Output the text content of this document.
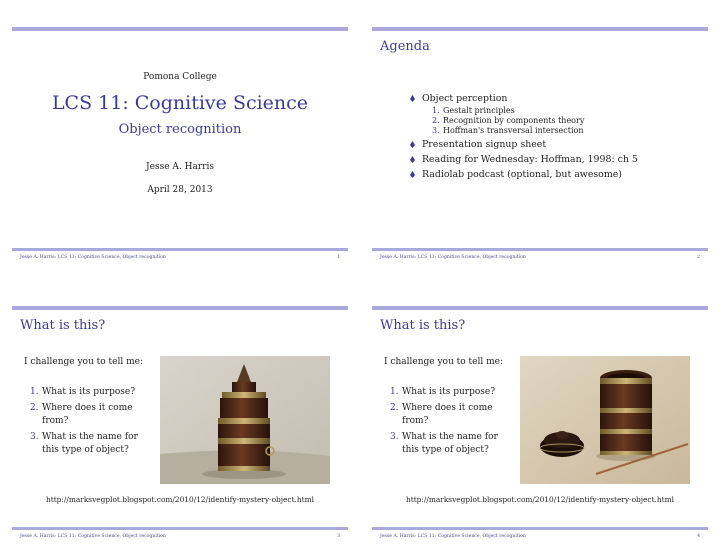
Pomona College
LCS 11: Cognitive Science
Object recognition
Jesse A. Harris
April 28, 2013
Jesse A. Harris: LCS 11: Cognitive Science, Object recognition	1
Agenda
Object perception
1. Gestalt principles
2. Recognition by components theory
3. Hoffman's transversal intersection
Presentation signup sheet
Reading for Wednesday: Hoffman, 1998: ch 5
Radiolab podcast (optional, but awesome)
Jesse A. Harris: LCS 11: Cognitive Science, Object recognition	2
What is this?
I challenge you to tell me:
1. What is its purpose?
2. Where does it come from?
3. What is the name for this type of object?
http://marksvegplot.blogspot.com/2010/12/identify-mystery-object.html
Jesse A. Harris: LCS 11: Cognitive Science, Object recognition	3
What is this?
I challenge you to tell me:
1. What is its purpose?
2. Where does it come from?
3. What is the name for this type of object?
http://marksvegplot.blogspot.com/2010/12/identify-mystery-object.html
Jesse A. Harris: LCS 11: Cognitive Science, Object recognition	4
